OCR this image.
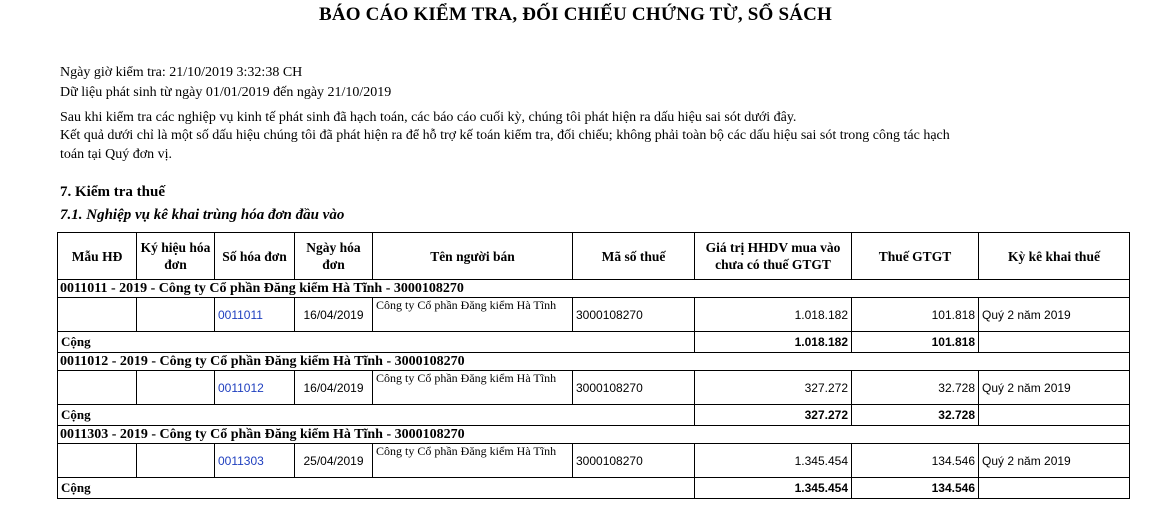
BÁO CÁO KIỂM TRA, ĐỐI CHIẾU CHỨNG TỪ, SỔ SÁCH
Ngày giờ kiểm tra: 21/10/2019 3:32:38 CH
Dữ liệu phát sinh từ ngày 01/01/2019 đến ngày 21/10/2019
Sau khi kiểm tra các nghiệp vụ kinh tế phát sinh đã hạch toán, các báo cáo cuối kỳ, chúng tôi phát hiện ra dấu hiệu sai sót dưới đây.
Kết quả dưới chỉ là một số dấu hiệu chúng tôi đã phát hiện ra để hỗ trợ kế toán kiểm tra, đối chiếu; không phải toàn bộ các dấu hiệu sai sót trong công tác hạch
toán tại Quý đơn vị.
7. Kiểm tra thuế
7.1. Nghiệp vụ kê khai trùng hóa đơn đầu vào
Mẫu HĐ	Ký hiệu hóa đơn	Số hóa đơn	Ngày hóa đơn	Tên người bán	Mã số thuế	Giá trị HHDV mua vào chưa có thuế GTGT	Thuế GTGT	Kỳ kê khai thuế
0011011 - 2019 - Công ty Cổ phần Đăng kiểm Hà Tĩnh - 3000108270								
		0011011	16/04/2019	Công ty Cổ phần Đăng kiểm Hà Tĩnh	3000108270	1.018.182	101.818	Quý 2 năm 2019
Cộng						1.018.182	101.818	
0011012 - 2019 - Công ty Cổ phần Đăng kiểm Hà Tĩnh - 3000108270								
		0011012	16/04/2019	Công ty Cổ phần Đăng kiểm Hà Tĩnh	3000108270	327.272	32.728	Quý 2 năm 2019
Cộng						327.272	32.728	
0011303 - 2019 - Công ty Cổ phần Đăng kiểm Hà Tĩnh - 3000108270								
		0011303	25/04/2019	Công ty Cổ phần Đăng kiểm Hà Tĩnh	3000108270	1.345.454	134.546	Quý 2 năm 2019
Cộng						1.345.454	134.546	
